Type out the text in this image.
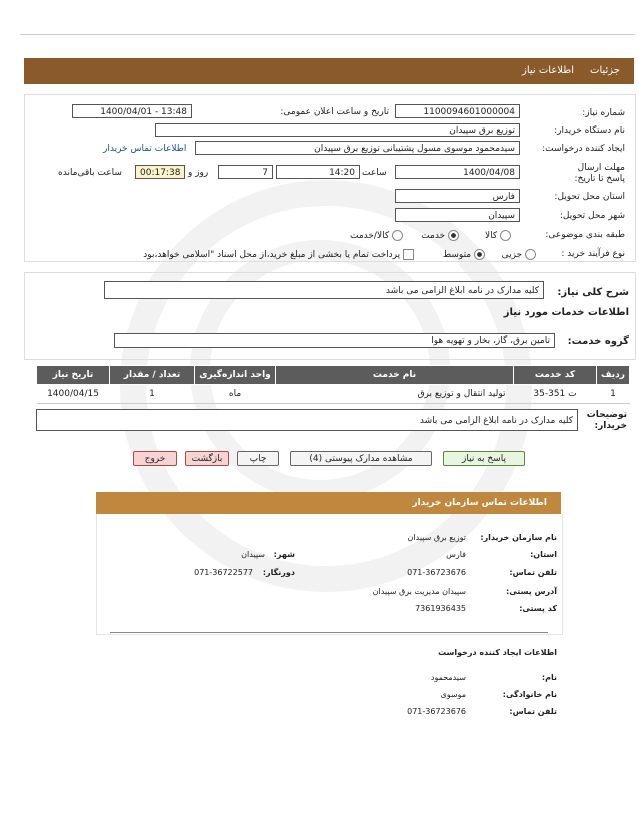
جزئیات
اطلاعات نیاز
شماره نیاز:
1100094601000004
تاریخ و ساعت اعلان عمومی:
1400/04/01 - 13:48
نام دستگاه خریدار:
توزیع برق سپیدان
ایجاد کننده درخواست:
سیدمحمود موسوی مسول پشتیبانی توزیع برق سپیدان
اطلاعات تماس خریدار
مهلت ارسال پاسخ تا تاریخ:
1400/04/08
ساعت
14:20
7
روز و
00:17:38
ساعت باقی‌مانده
استان محل تحویل:
فارس
شهر محل تحویل:
سپیدان
طبقه بندی موضوعی:
کالا
خدمت
کالا/خدمت
نوع فرآیند خرید :
جزیی
متوسط
پرداخت تمام یا بخشی از مبلغ خرید،از محل اسناد "اسلامی خواهد،بود
شرح کلی نیاز:
کلیه مدارک در نامه ابلاغ الزامی می باشد
اطلاعات خدمات مورد نیاز
گروه خدمت:
تامین برق، گاز، بخار و تهویه هوا
ردیف	کد خدمت	نام خدمت	واحد اندازه‌گیری	تعداد / مقدار	تاریخ نیاز
1	ت 351-35	تولید انتقال و توزیع برق	ماه	1	1400/04/15
توضیحات خریدار:
کلیه مدارک در نامه ابلاغ الزامی می باشد
پاسخ به نیاز
مشاهده مدارک پیوستی (4)
چاپ
بازگشت
خروج
اطلاعات تماس سازمان خریدار
نام سازمان خریدار:
توزیع برق سپیدان
استان:
فارس
شهر:
سپیدان
تلفن تماس:
071-36723676
دورنگار:
071-36722577
آدرس پستی:
سپیدان مدیریت برق سپیدان
کد پستی:
7361936435
اطلاعات ایجاد کننده درخواست
نام:
سیدمحمود
نام خانوادگی:
موسوی
تلفن تماس:
071-36723676
